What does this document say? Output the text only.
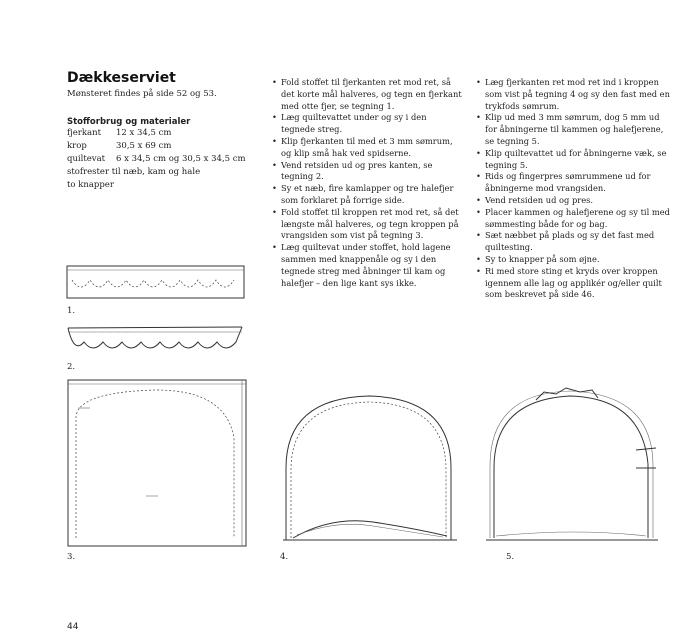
Dækkeserviet
Mønsteret findes på side 52 og 53.
Stofforbrug og materialer
fjerkant 12 x 34,5 cm
krop	30,5 x 69 cm
quiltevat 6 x 34,5 cm og 30,5 x 34,5 cm
stofrester til næb, kam og hale
to knapper
• Fold stoffet til fjerkanten ret mod ret, så det korte mål halveres, og tegn en fjerkant med otte fjer, se tegning 1.
• Læg quiltevattet under og sy i den tegnede streg.
• Klip fjerkanten til med et 3 mm sømrum, og klip små hak ved spidserne.
• Vend retsiden ud og pres kanten, se tegning 2.
• Sy et næb, fire kamlapper og tre halefjer som forklaret på forrige side.
• Fold stoffet til kroppen ret mod ret, så det længste mål halveres, og tegn kroppen på vrangsiden som vist på tegning 3.
• Læg quiltevat under stoffet, hold lagene sammen med knappenåle og sy i den tegnede streg med åbninger til kam og halefjer – den lige kant sys ikke.
• Læg fjerkanten ret mod ret ind i kroppen som vist på tegning 4 og sy den fast med en trykfods sømrum.
• Klip ud med 3 mm sømrum, dog 5 mm ud for åbningerne til kammen og halefjerene, se tegning 5.
• Klip quiltevattet ud for åbningerne væk, se tegning 5.
• Rids og fingerpres sømrummene ud for åbningerne mod vrangsiden.
• Vend retsiden ud og pres.
• Placer kammen og halefjerene og sy til med sømmesting både for og bag.
• Sæt næbbet på plads og sy det fast med quiltesting.
• Sy to knapper på som øjne.
• Ri med store sting et kryds over kroppen igennem alle lag og applikér og/eller quilt som beskrevet på side 46.
1.
2.
3.	4.	5.
44
